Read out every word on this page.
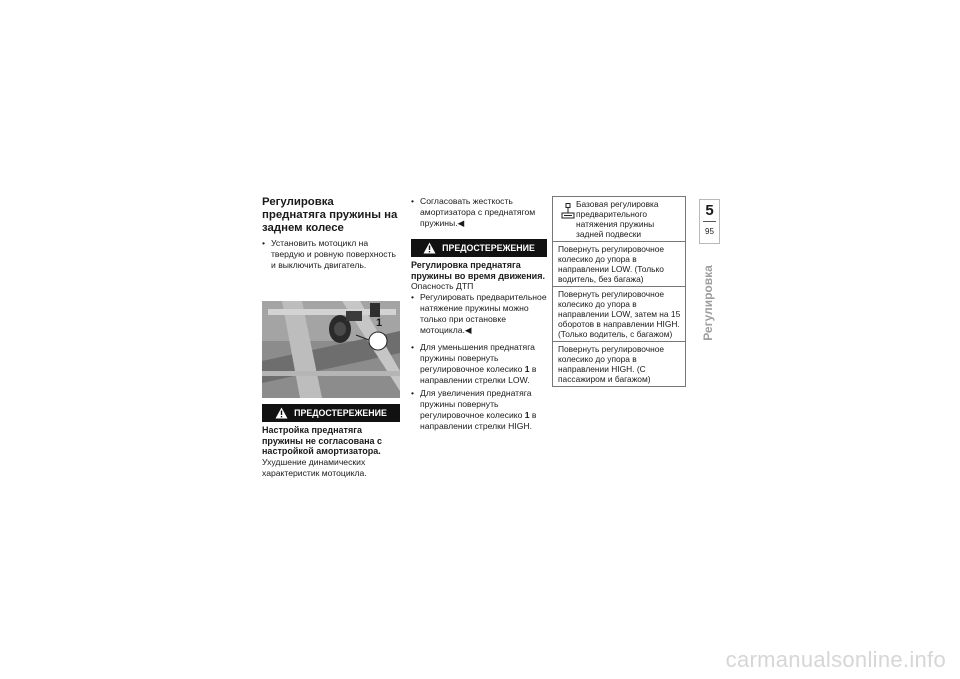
Регулировка преднатяга пружины на заднем колесе
• Установить мотоцикл на твердую и ровную поверхность и выключить двигатель.
1
ПРЕДОСТЕРЕЖЕНИЕ
Настройка преднатяга пружины не согласована с настройкой амортизатора.
Ухудшение динамических характеристик мотоцикла.
• Согласовать жесткость амортизатора с преднатягом пружины.◀
ПРЕДОСТЕРЕЖЕНИЕ
Регулировка преднатяга пружины во время движения.
Опасность ДТП
• Регулировать предварительное натяжение пружины можно только при остановке мотоцикла.◀
• Для уменьшения преднатяга пружины повернуть регулировочное колесико 1 в направлении стрелки LOW.
• Для увеличения преднатяга пружины повернуть регулировочное колесико 1 в направлении стрелки HIGH.
Базовая регулировка предварительного натяжения пружины задней подвески

Повернуть регулировочное колесико до упора в направлении LOW. (Только водитель, без багажа)
Повернуть регулировочное колесико до упора в направлении LOW, затем на 15 оборотов в направлении HIGH. (Только водитель, с багажом)
Повернуть регулировочное колесико до упора в направлении HIGH. (С пассажиром и багажом)
5
95
Регулировка
carmanualsonline.info
